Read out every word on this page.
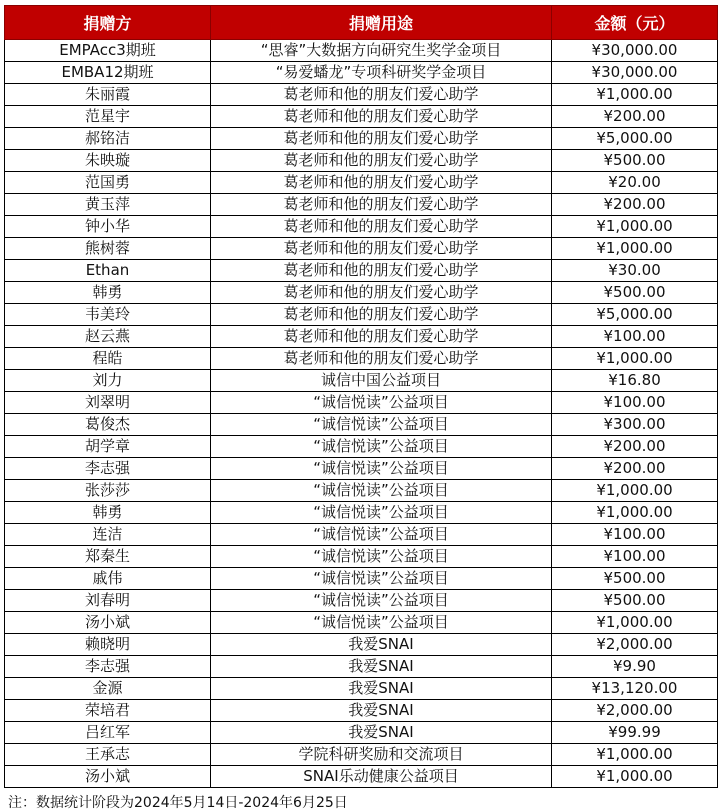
捐赠方	捐赠用途	金额（元）
EMPAcc3期班	“思睿”大数据方向研究生奖学金项目	¥30,000.00
EMBA12期班	“易爱蟠龙”专项科研奖学金项目	¥30,000.00
朱丽霞	葛老师和他的朋友们爱心助学	¥1,000.00
范星宇	葛老师和他的朋友们爱心助学	¥200.00
郝铭洁	葛老师和他的朋友们爱心助学	¥5,000.00
朱映璇	葛老师和他的朋友们爱心助学	¥500.00
范国勇	葛老师和他的朋友们爱心助学	¥20.00
黄玉萍	葛老师和他的朋友们爱心助学	¥200.00
钟小华	葛老师和他的朋友们爱心助学	¥1,000.00
熊树蓉	葛老师和他的朋友们爱心助学	¥1,000.00
Ethan	葛老师和他的朋友们爱心助学	¥30.00
韩勇	葛老师和他的朋友们爱心助学	¥500.00
韦美玲	葛老师和他的朋友们爱心助学	¥5,000.00
赵云燕	葛老师和他的朋友们爱心助学	¥100.00
程皓	葛老师和他的朋友们爱心助学	¥1,000.00
刘力	诚信中国公益项目	¥16.80
刘翠明	“诚信悦读”公益项目	¥100.00
葛俊杰	“诚信悦读”公益项目	¥300.00
胡学章	“诚信悦读”公益项目	¥200.00
李志强	“诚信悦读”公益项目	¥200.00
张莎莎	“诚信悦读”公益项目	¥1,000.00
韩勇	“诚信悦读”公益项目	¥1,000.00
连洁	“诚信悦读”公益项目	¥100.00
郑秦生	“诚信悦读”公益项目	¥100.00
戚伟	“诚信悦读”公益项目	¥500.00
刘春明	“诚信悦读”公益项目	¥500.00
汤小斌	“诚信悦读”公益项目	¥1,000.00
赖晓明	我爱SNAI	¥2,000.00
李志强	我爱SNAI	¥9.90
金源	我爱SNAI	¥13,120.00
荣培君	我爱SNAI	¥2,000.00
吕红军	我爱SNAI	¥99.99
王承志	学院科研奖励和交流项目	¥1,000.00
汤小斌	SNAI乐动健康公益项目	¥1,000.00
注：数据统计阶段为2024年5月14日-2024年6月25日
